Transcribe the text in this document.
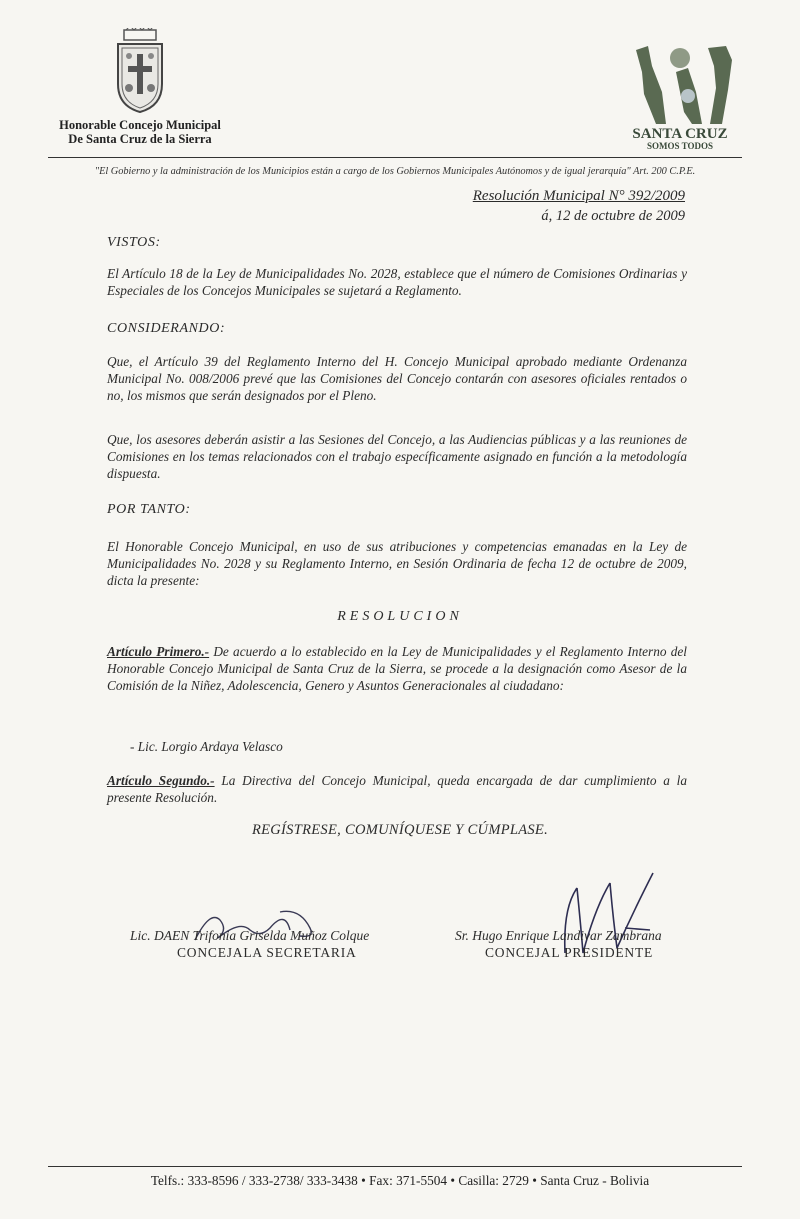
Honorable Concejo Municipal
De Santa Cruz de la Sierra	SANTA CRUZ
SOMOS TODOS
"El Gobierno y la administración de los Municipios están a cargo de los Gobiernos Municipales Autónomos y de igual jerarquía" Art. 200 C.P.E.
Resolución Municipal N° 392/2009
á, 12 de octubre de 2009
VISTOS:
El Artículo 18 de la Ley de Municipalidades No. 2028, establece que el número de Comisiones Ordinarias y Especiales de los Concejos Municipales se sujetará a Reglamento.
CONSIDERANDO:
Que, el Artículo 39 del Reglamento Interno del H. Concejo Municipal aprobado mediante Ordenanza Municipal No. 008/2006 prevé que las Comisiones del Concejo contarán con asesores oficiales rentados o no, los mismos que serán designados por el Pleno.
Que, los asesores deberán asistir a las Sesiones del Concejo, a las Audiencias públicas y a las reuniones de Comisiones en los temas relacionados con el trabajo específicamente asignado en función a la metodología dispuesta.
POR TANTO:
El Honorable Concejo Municipal, en uso de sus atribuciones y competencias emanadas en la Ley de Municipalidades No. 2028 y su Reglamento Interno, en Sesión Ordinaria de fecha 12 de octubre de 2009, dicta la presente:
RESOLUCION
Artículo Primero.- De acuerdo a lo establecido en la Ley de Municipalidades y el Reglamento Interno del Honorable Concejo Municipal de Santa Cruz de la Sierra, se procede a la designación como Asesor de la Comisión de la Niñez, Adolescencia, Genero y Asuntos Generacionales al ciudadano:
- Lic. Lorgio Ardaya Velasco
Artículo Segundo.- La Directiva del Concejo Municipal, queda encargada de dar cumplimiento a la presente Resolución.
REGÍSTRESE, COMUNÍQUESE Y CÚMPLASE.
Lic. DAEN Trifonia Griselda Muñoz Colque
CONCEJALA SECRETARIA
Sr. Hugo Enrique Landivar Zambrana
CONCEJAL PRESIDENTE
Telfs.: 333-8596 / 333-2738/ 333-3438 • Fax: 371-5504 • Casilla: 2729 • Santa Cruz - Bolivia
